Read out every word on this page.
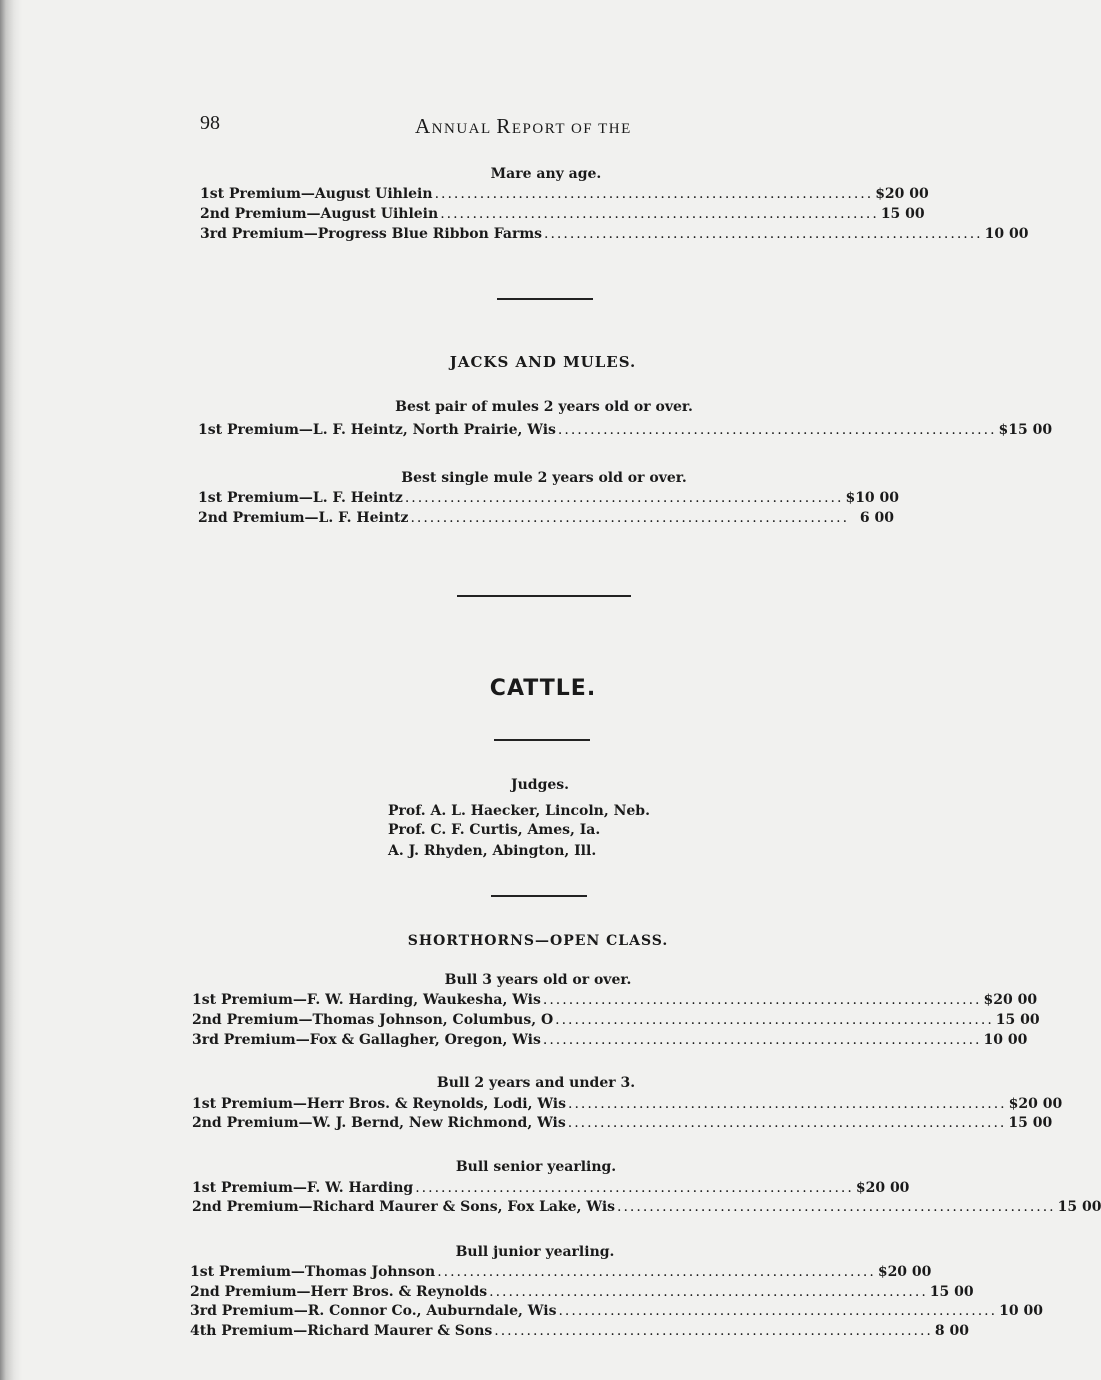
98	ANNUAL REPORT OF THE
Mare any age.
1st Premium—August Uihlein .................................................................... $20 00
2nd Premium—August Uihlein .................................................................... 15 00
3rd Premium—Progress Blue Ribbon Farms .................................................................... 10 00
JACKS AND MULES.
Best pair of mules 2 years old or over.
1st Premium—L. F. Heintz, North Prairie, Wis .................................................................... $15 00
Best single mule 2 years old or over.
1st Premium—L. F. Heintz .................................................................... $10 00
2nd Premium—L. F. Heintz .................................................................... 6 00
CATTLE.
Judges.
Prof. A. L. Haecker, Lincoln, Neb.
Prof. C. F. Curtis, Ames, Ia.
A. J. Rhyden, Abington, Ill.
SHORTHORNS—OPEN CLASS.
Bull 3 years old or over.
1st Premium—F. W. Harding, Waukesha, Wis .................................................................... $20 00
2nd Premium—Thomas Johnson, Columbus, O .................................................................... 15 00
3rd Premium—Fox & Gallagher, Oregon, Wis .................................................................... 10 00
Bull 2 years and under 3.
1st Premium—Herr Bros. & Reynolds, Lodi, Wis .................................................................... $20 00
2nd Premium—W. J. Bernd, New Richmond, Wis .................................................................... 15 00
Bull senior yearling.
1st Premium—F. W. Harding .................................................................... $20 00
2nd Premium—Richard Maurer & Sons, Fox Lake, Wis .................................................................... 15 00
Bull junior yearling.
1st Premium—Thomas Johnson .................................................................... $20 00
2nd Premium—Herr Bros. & Reynolds .................................................................... 15 00
3rd Premium—R. Connor Co., Auburndale, Wis .................................................................... 10 00
4th Premium—Richard Maurer & Sons .................................................................... 8 00
